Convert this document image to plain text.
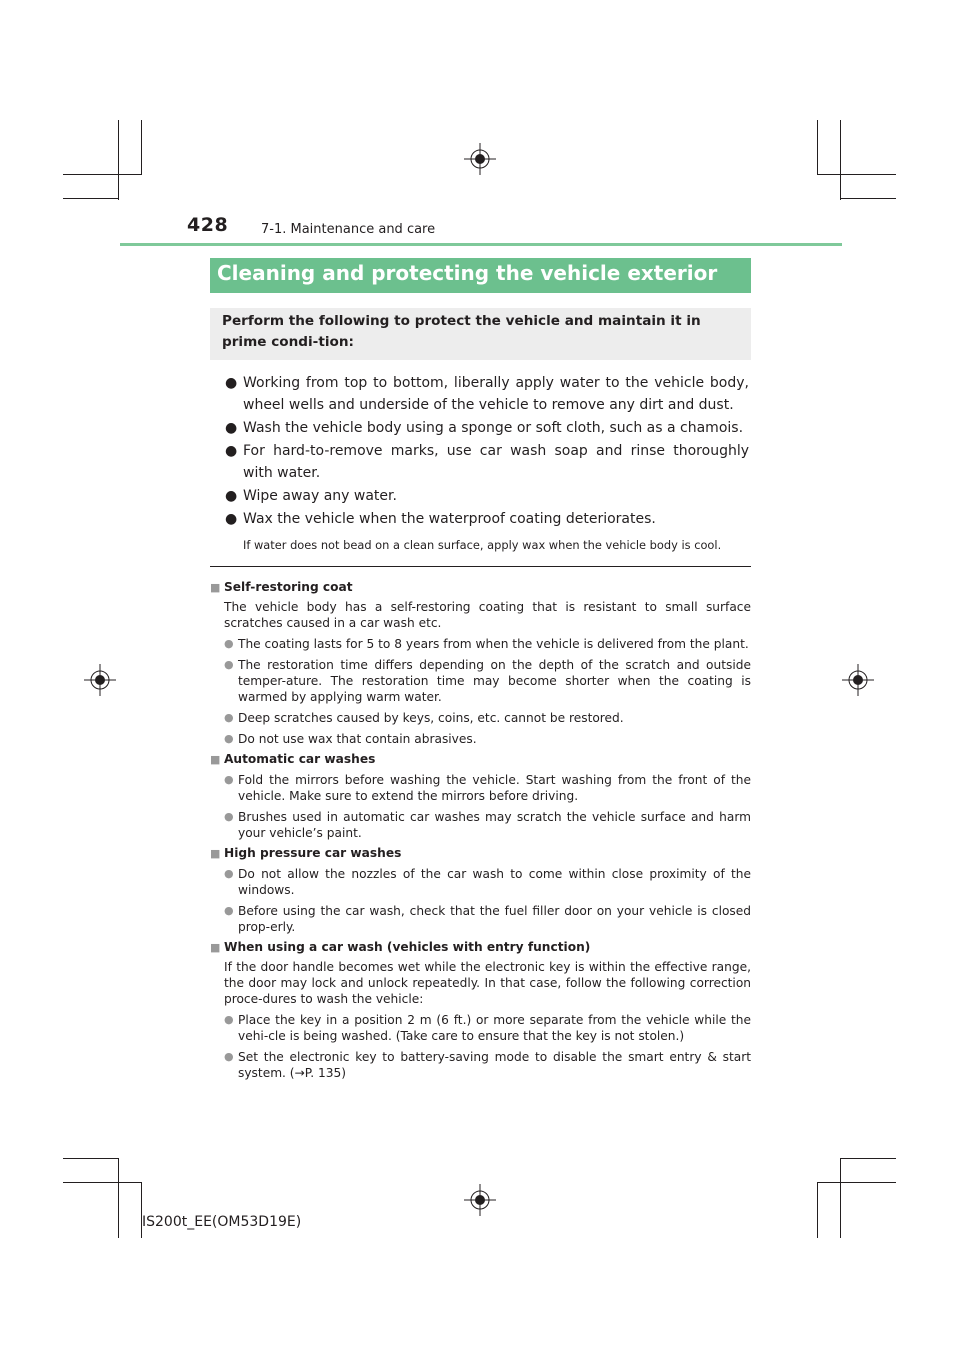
428	7-1. Maintenance and care
Cleaning and protecting the vehicle exterior
Perform the following to protect the vehicle and maintain it in prime condi-tion:
● Working from top to bottom, liberally apply water to the vehicle body, wheel wells and underside of the vehicle to remove any dirt and dust.
● Wash the vehicle body using a sponge or soft cloth, such as a chamois.
● For hard-to-remove marks, use car wash soap and rinse thoroughly with water.
● Wipe away any water.
● Wax the vehicle when the waterproof coating deteriorates.
If water does not bead on a clean surface, apply wax when the vehicle body is cool.
■ Self-restoring coat
The vehicle body has a self-restoring coating that is resistant to small surface scratches caused in a car wash etc.
● The coating lasts for 5 to 8 years from when the vehicle is delivered from the plant.
● The restoration time differs depending on the depth of the scratch and outside temper-ature. The restoration time may become shorter when the coating is warmed by applying warm water.
● Deep scratches caused by keys, coins, etc. cannot be restored.
● Do not use wax that contain abrasives.
■ Automatic car washes
● Fold the mirrors before washing the vehicle. Start washing from the front of the vehicle. Make sure to extend the mirrors before driving.
● Brushes used in automatic car washes may scratch the vehicle surface and harm your vehicle’s paint.
■ High pressure car washes
● Do not allow the nozzles of the car wash to come within close proximity of the windows.
● Before using the car wash, check that the fuel filler door on your vehicle is closed prop-erly.
■ When using a car wash (vehicles with entry function)
If the door handle becomes wet while the electronic key is within the effective range, the door may lock and unlock repeatedly. In that case, follow the following correction proce-dures to wash the vehicle:
● Place the key in a position 2 m (6 ft.) or more separate from the vehicle while the vehi-cle is being washed. (Take care to ensure that the key is not stolen.)
● Set the electronic key to battery-saving mode to disable the smart entry & start system. (→P. 135)
IS200t_EE(OM53D19E)
